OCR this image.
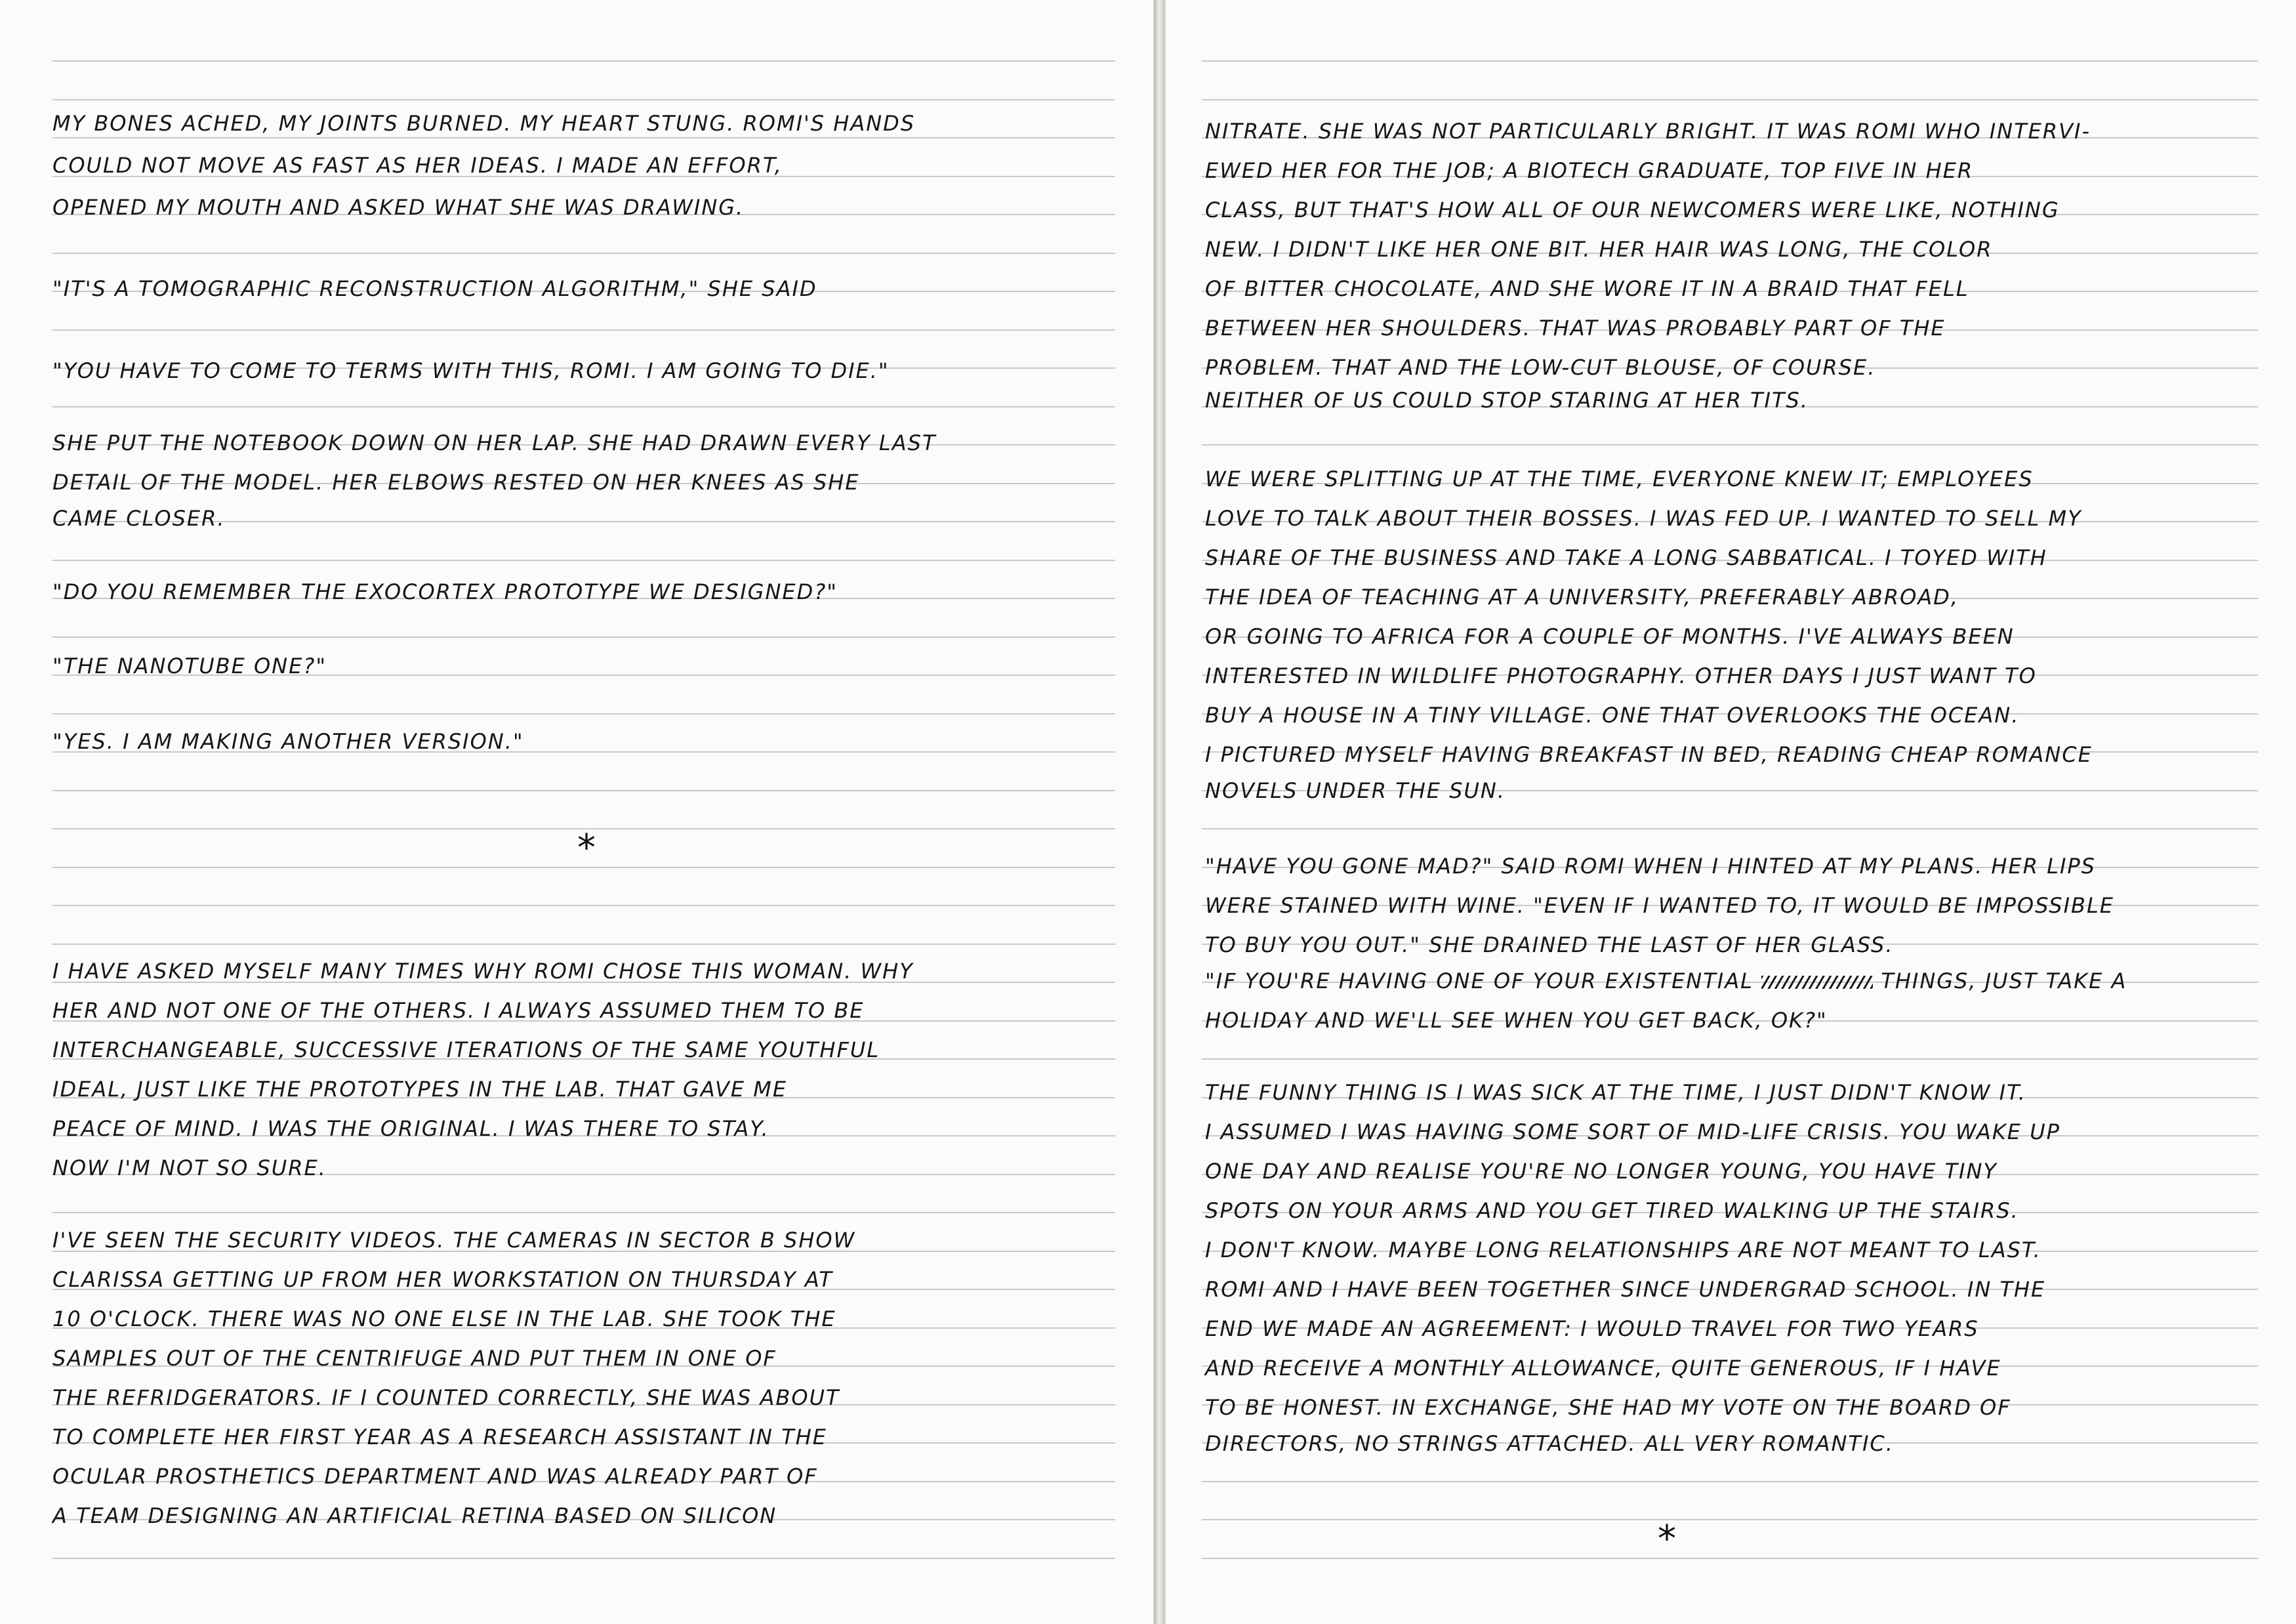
MY BONES ACHED, MY JOINTS BURNED. MY HEART STUNG. ROMI'S HANDS
COULD NOT MOVE AS FAST AS HER IDEAS. I MADE AN EFFORT,
OPENED MY MOUTH AND ASKED WHAT SHE WAS DRAWING.
"IT'S A TOMOGRAPHIC RECONSTRUCTION ALGORITHM," SHE SAID
"YOU HAVE TO COME TO TERMS WITH THIS, ROMI. I AM GOING TO DIE."
SHE PUT THE NOTEBOOK DOWN ON HER LAP. SHE HAD DRAWN EVERY LAST
DETAIL OF THE MODEL. HER ELBOWS RESTED ON HER KNEES AS SHE
CAME CLOSER.
"DO YOU REMEMBER THE EXOCORTEX PROTOTYPE WE DESIGNED?"
"THE NANOTUBE ONE?"
"YES. I AM MAKING ANOTHER VERSION."
*
I HAVE ASKED MYSELF MANY TIMES WHY ROMI CHOSE THIS WOMAN. WHY
HER AND NOT ONE OF THE OTHERS. I ALWAYS ASSUMED THEM TO BE
INTERCHANGEABLE, SUCCESSIVE ITERATIONS OF THE SAME YOUTHFUL
IDEAL, JUST LIKE THE PROTOTYPES IN THE LAB. THAT GAVE ME
PEACE OF MIND. I WAS THE ORIGINAL. I WAS THERE TO STAY.
NOW I'M NOT SO SURE.
I'VE SEEN THE SECURITY VIDEOS. THE CAMERAS IN SECTOR B SHOW
CLARISSA GETTING UP FROM HER WORKSTATION ON THURSDAY AT
10 O'CLOCK. THERE WAS NO ONE ELSE IN THE LAB. SHE TOOK THE
SAMPLES OUT OF THE CENTRIFUGE AND PUT THEM IN ONE OF
THE REFRIDGERATORS. IF I COUNTED CORRECTLY, SHE WAS ABOUT
TO COMPLETE HER FIRST YEAR AS A RESEARCH ASSISTANT IN THE
OCULAR PROSTHETICS DEPARTMENT AND WAS ALREADY PART OF
A TEAM DESIGNING AN ARTIFICIAL RETINA BASED ON SILICON
NITRATE. SHE WAS NOT PARTICULARLY BRIGHT. IT WAS ROMI WHO INTERVI-
EWED HER FOR THE JOB; A BIOTECH GRADUATE, TOP FIVE IN HER
CLASS, BUT THAT'S HOW ALL OF OUR NEWCOMERS WERE LIKE, NOTHING
NEW. I DIDN'T LIKE HER ONE BIT. HER HAIR WAS LONG, THE COLOR
OF BITTER CHOCOLATE, AND SHE WORE IT IN A BRAID THAT FELL
BETWEEN HER SHOULDERS. THAT WAS PROBABLY PART OF THE
PROBLEM. THAT AND THE LOW-CUT BLOUSE, OF COURSE.
NEITHER OF US COULD STOP STARING AT HER TITS.
WE WERE SPLITTING UP AT THE TIME, EVERYONE KNEW IT; EMPLOYEES
LOVE TO TALK ABOUT THEIR BOSSES. I WAS FED UP. I WANTED TO SELL MY
SHARE OF THE BUSINESS AND TAKE A LONG SABBATICAL. I TOYED WITH
THE IDEA OF TEACHING AT A UNIVERSITY, PREFERABLY ABROAD,
OR GOING TO AFRICA FOR A COUPLE OF MONTHS. I'VE ALWAYS BEEN
INTERESTED IN WILDLIFE PHOTOGRAPHY. OTHER DAYS I JUST WANT TO
BUY A HOUSE IN A TINY VILLAGE. ONE THAT OVERLOOKS THE OCEAN.
I PICTURED MYSELF HAVING BREAKFAST IN BED, READING CHEAP ROMANCE
NOVELS UNDER THE SUN.
"HAVE YOU GONE MAD?" SAID ROMI WHEN I HINTED AT MY PLANS. HER LIPS
WERE STAINED WITH WINE. "EVEN IF I WANTED TO, IT WOULD BE IMPOSSIBLE
TO BUY YOU OUT." SHE DRAINED THE LAST OF HER GLASS.
"IF YOU'RE HAVING ONE OF YOUR EXISTENTIAL	THINGS, JUST TAKE A
HOLIDAY AND WE'LL SEE WHEN YOU GET BACK, OK?"
THE FUNNY THING IS I WAS SICK AT THE TIME, I JUST DIDN'T KNOW IT.
I ASSUMED I WAS HAVING SOME SORT OF MID-LIFE CRISIS. YOU WAKE UP
ONE DAY AND REALISE YOU'RE NO LONGER YOUNG, YOU HAVE TINY
SPOTS ON YOUR ARMS AND YOU GET TIRED WALKING UP THE STAIRS.
I DON'T KNOW. MAYBE LONG RELATIONSHIPS ARE NOT MEANT TO LAST.
ROMI AND I HAVE BEEN TOGETHER SINCE UNDERGRAD SCHOOL. IN THE
END WE MADE AN AGREEMENT: I WOULD TRAVEL FOR TWO YEARS
AND RECEIVE A MONTHLY ALLOWANCE, QUITE GENEROUS, IF I HAVE
TO BE HONEST. IN EXCHANGE, SHE HAD MY VOTE ON THE BOARD OF
DIRECTORS, NO STRINGS ATTACHED. ALL VERY ROMANTIC.
*
